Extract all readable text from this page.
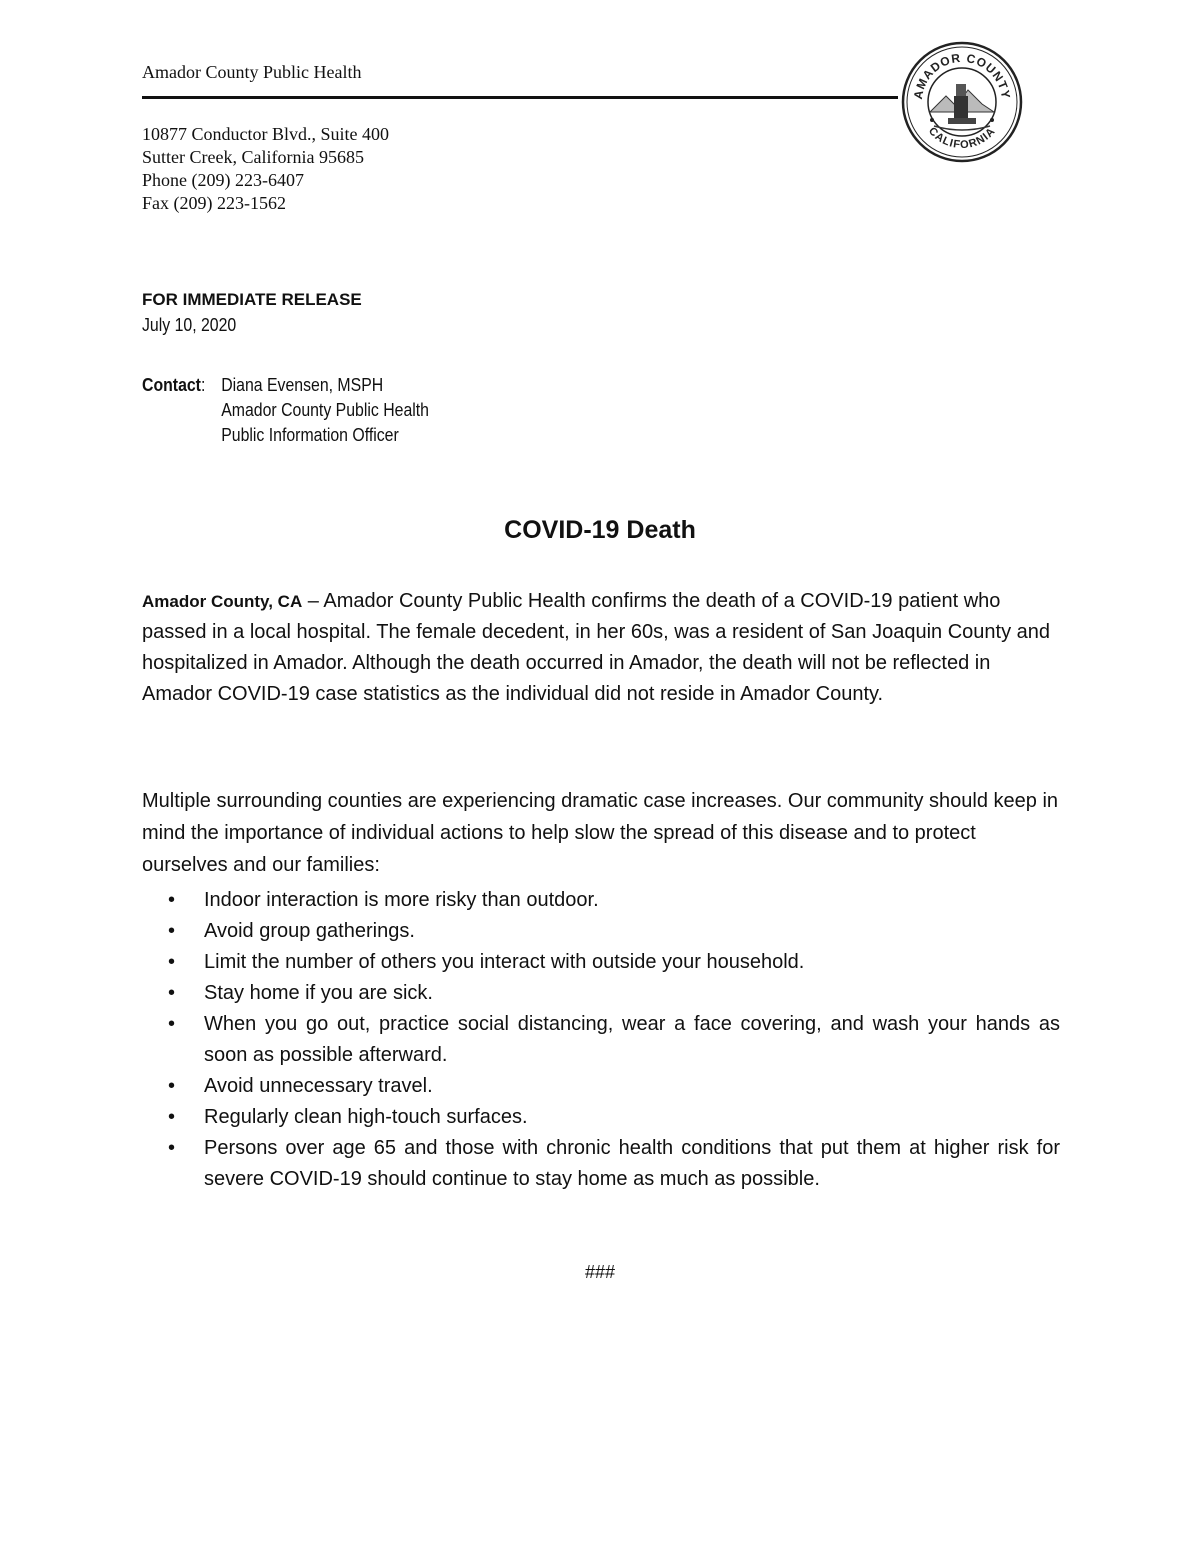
Amador County Public Health
AMADOR COUNTY
CALIFORNIA
10877 Conductor Blvd., Suite 400
Sutter Creek, California 95685
Phone (209) 223-6407
Fax (209) 223-1562
FOR IMMEDIATE RELEASE
July 10, 2020
Contact: Diana Evensen, MSPH
Amador County Public Health
Public Information Officer
COVID-19 Death
Amador County, CA – Amador County Public Health confirms the death of a COVID-19 patient who passed in a local hospital. The female decedent, in her 60s, was a resident of San Joaquin County and hospitalized in Amador. Although the death occurred in Amador, the death will not be reflected in Amador COVID-19 case statistics as the individual did not reside in Amador County.
Multiple surrounding counties are experiencing dramatic case increases. Our community should keep in mind the importance of individual actions to help slow the spread of this disease and to protect ourselves and our families:
• Indoor interaction is more risky than outdoor.
• Avoid group gatherings.
• Limit the number of others you interact with outside your household.
• Stay home if you are sick.
• When you go out, practice social distancing, wear a face covering, and wash your hands as soon as possible afterward.
• Avoid unnecessary travel.
• Regularly clean high-touch surfaces.
• Persons over age 65 and those with chronic health conditions that put them at higher risk for severe COVID-19 should continue to stay home as much as possible.
###
